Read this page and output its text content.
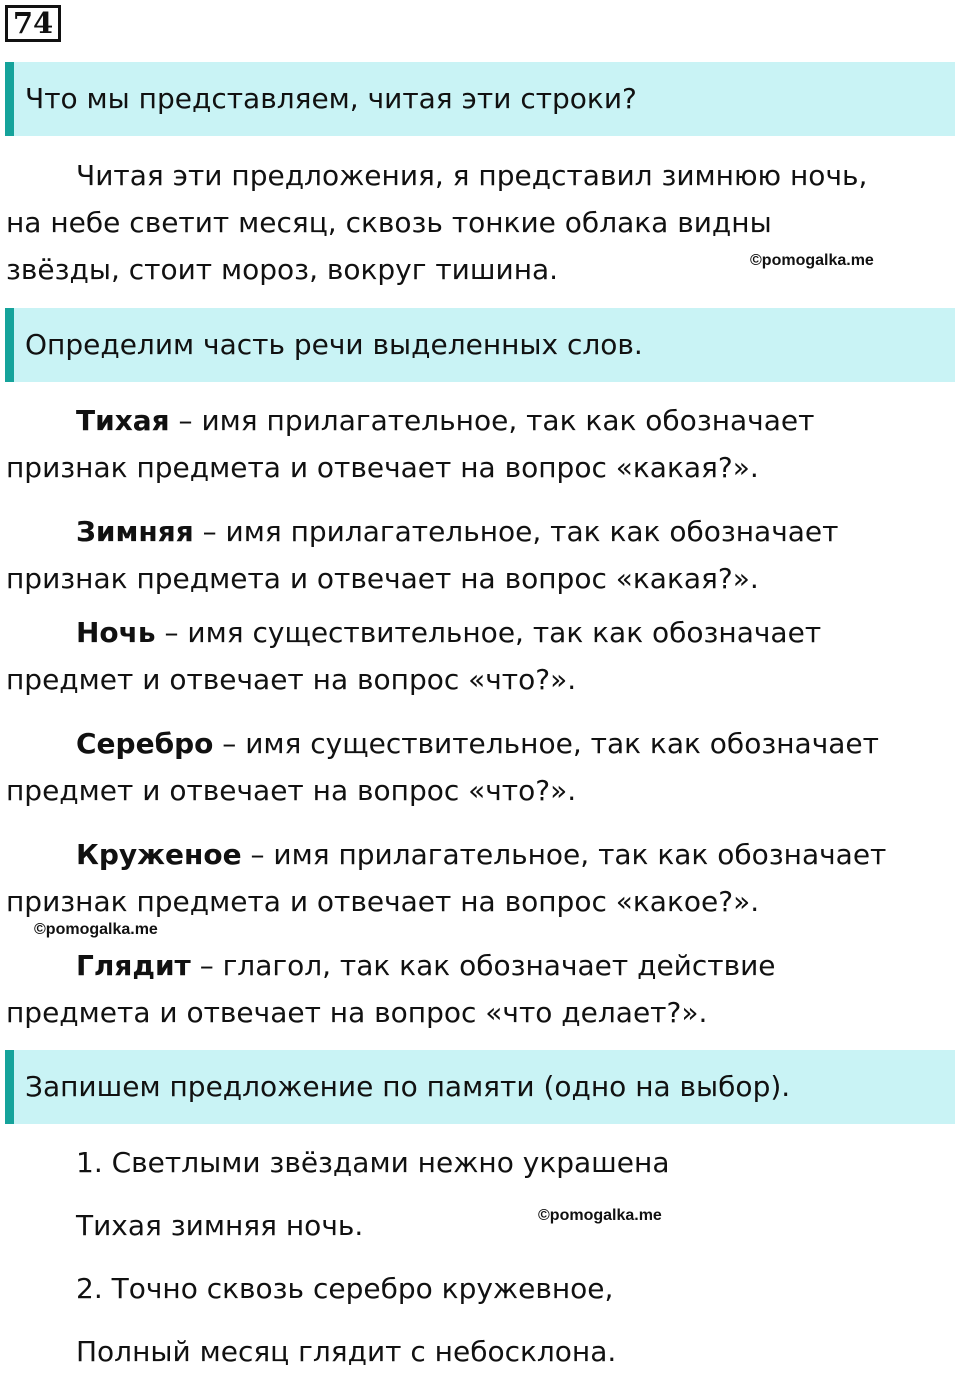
74
Что мы представляем, читая эти строки?
Читая эти предложения, я представил зимнюю ночь,
на небе светит месяц, сквозь тонкие облака видны
звёзды, стоит мороз, вокруг тишина.	©pomogalka.me
Определим часть речи выделенных слов.
Тихая – имя прилагательное, так как обозначает
признак предмета и отвечает на вопрос «какая?».
Зимняя – имя прилагательное, так как обозначает
признак предмета и отвечает на вопрос «какая?».
Ночь – имя существительное, так как обозначает
предмет и отвечает на вопрос «что?».
Серебро – имя существительное, так как обозначает
предмет и отвечает на вопрос «что?».
Круженое – имя прилагательное, так как обозначает
признак предмета и отвечает на вопрос «какое?».
©pomogalka.me
Глядит – глагол, так как обозначает действие
предмета и отвечает на вопрос «что делает?».
Запишем предложение по памяти (одно на выбор).
1. Светлыми звёздами нежно украшена
Тихая зимняя ночь.	©pomogalka.me
2. Точно сквозь серебро кружевное,
Полный месяц глядит с небосклона.
